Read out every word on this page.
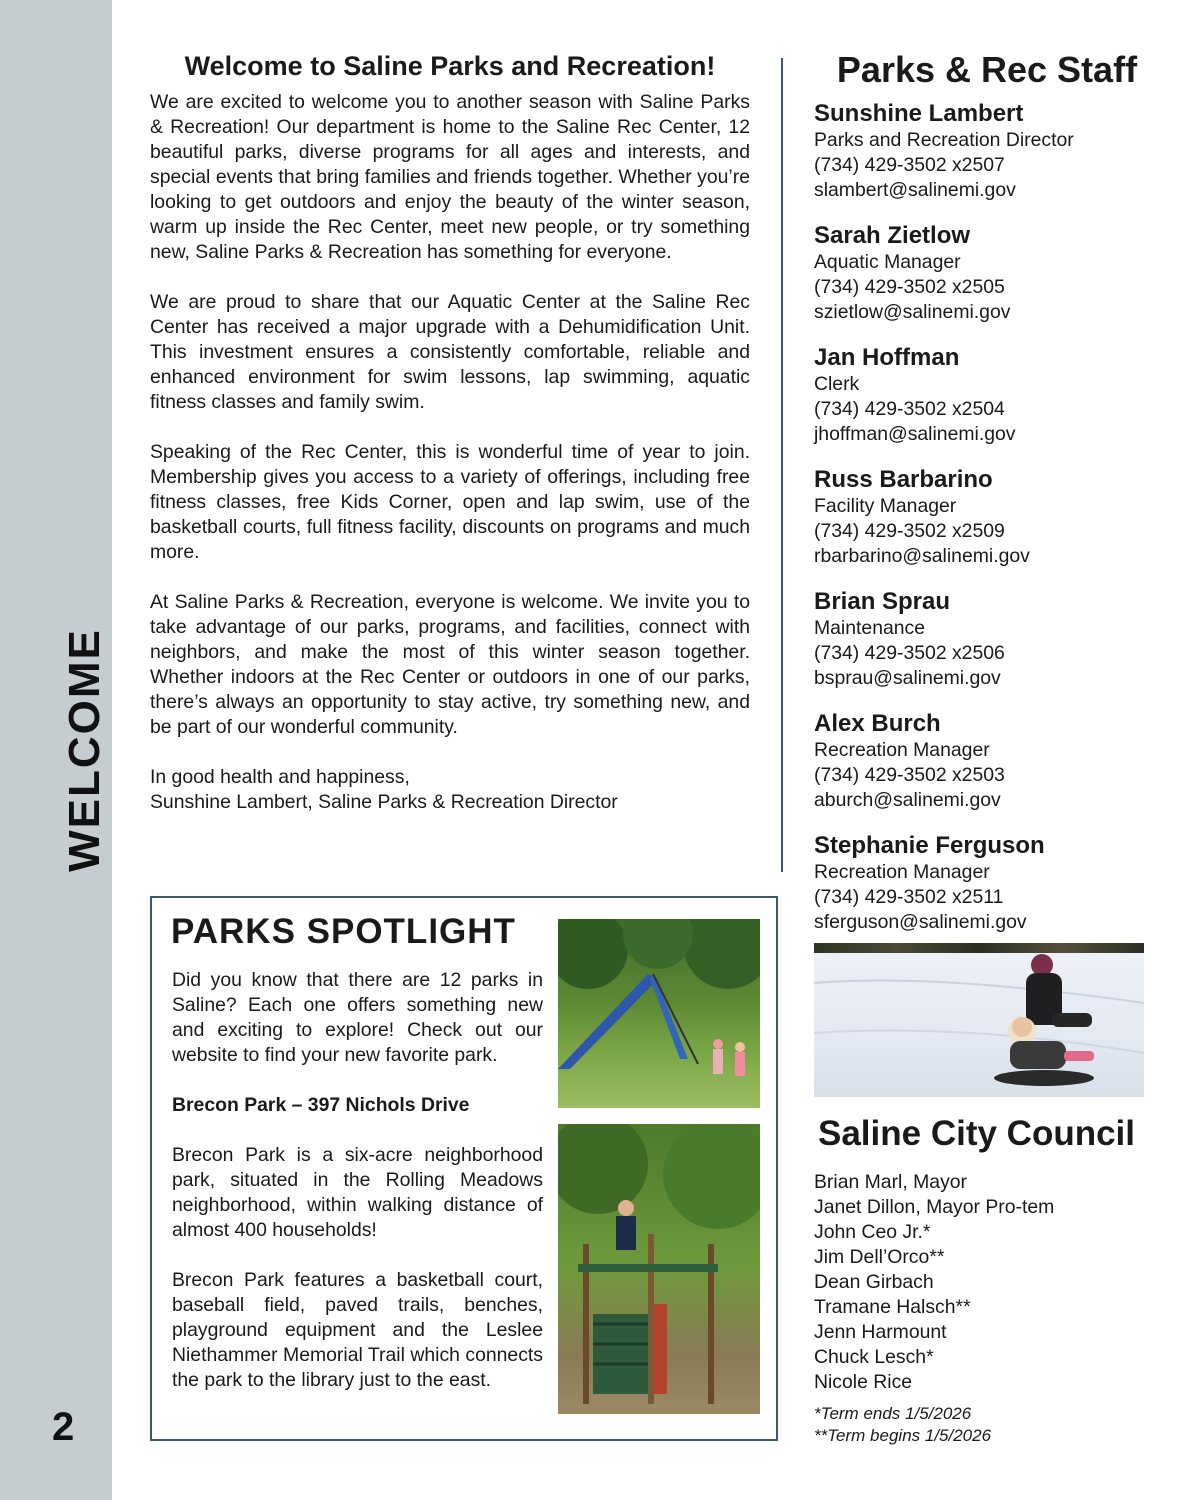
WELCOME
2
Welcome to Saline Parks and Recreation!

We are excited to welcome you to another season with Saline Parks & Recreation! Our department is home to the Saline Rec Center, 12 beautiful parks, diverse programs for all ages and interests, and special events that bring families and friends together. Whether you’re looking to get outdoors and enjoy the beauty of the winter season, warm up inside the Rec Center, meet new people, or try something new, Saline Parks & Recreation has something for everyone.

We are proud to share that our Aquatic Center at the Saline Rec Center has received a major upgrade with a Dehumidification Unit. This investment ensures a consistently comfortable, reliable and enhanced environment for swim lessons, lap swimming, aquatic fitness classes and family swim.

Speaking of the Rec Center, this is wonderful time of year to join. Membership gives you access to a variety of offerings, including free fitness classes, free Kids Corner, open and lap swim, use of the basketball courts, full fitness facility, discounts on programs and much more.

At Saline Parks & Recreation, everyone is welcome. We invite you to take advantage of our parks, programs, and facilities, connect with neighbors, and make the most of this winter season together. Whether indoors at the Rec Center or outdoors in one of our parks, there’s always an opportunity to stay active, try something new, and be part of our wonderful community.

In good health and happiness,
Sunshine Lambert, Saline Parks & Recreation Director

Parks & Rec Staff
Sunshine Lambert
Parks and Recreation Director
(734) 429-3502 x2507
slambert@salinemi.gov
Sarah Zietlow
Aquatic Manager
(734) 429-3502 x2505
szietlow@salinemi.gov
Jan Hoffman
Clerk
(734) 429-3502 x2504
jhoffman@salinemi.gov
Russ Barbarino
Facility Manager
(734) 429-3502 x2509
rbarbarino@salinemi.gov
Brian Sprau
Maintenance
(734) 429-3502 x2506
bsprau@salinemi.gov
Alex Burch
Recreation Manager
(734) 429-3502 x2503
aburch@salinemi.gov
Stephanie Ferguson
Recreation Manager
(734) 429-3502 x2511
sferguson@salinemi.gov
Saline City Council
Brian Marl, Mayor
Janet Dillon, Mayor Pro-tem
John Ceo Jr.*
Jim Dell’Orco**
Dean Girbach
Tramane Halsch**
Jenn Harmount
Chuck Lesch*
Nicole Rice
*Term ends 1/5/2026
**Term begins 1/5/2026
PARKS SPOTLIGHT

Did you know that there are 12 parks in Saline? Each one offers something new and exciting to explore! Check out our website to find your new favorite park.

Brecon Park – 397 Nichols Drive

Brecon Park is a six-acre neighborhood park, situated in the Rolling Meadows neighborhood, within walking distance of almost 400 households!

Brecon Park features a basketball court, baseball field, paved trails, benches, playground equipment and the Leslee Niethammer Memorial Trail which connects the park to the library just to the east.
